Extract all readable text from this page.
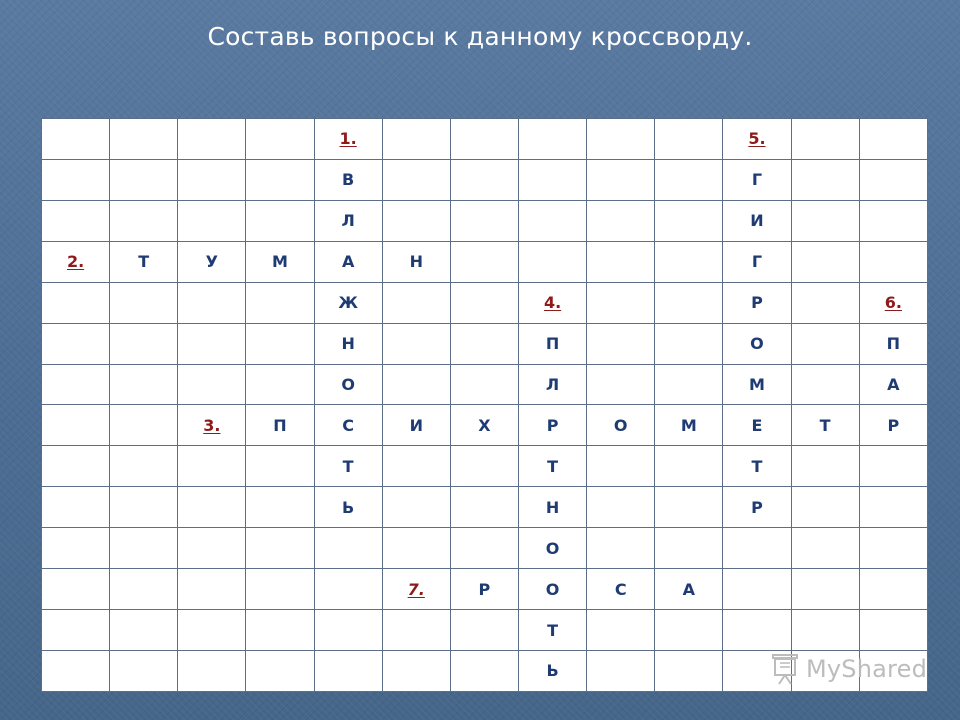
Составь вопросы к данному кроссворду.
				1.						5.		
				В						Г		
				Л						И		
2.	Т	У	М	А	Н					Г		
				Ж			4.			Р		6.
				Н			П			О		П
				О			Л			М		А
		3.	П	С	И	Х	Р	О	М	Е	Т	Р
				Т			Т			Т		
				Ь			Н			Р		
							О					
					7.	Р	О	С	А			
							Т					
							Ь						MyShared
